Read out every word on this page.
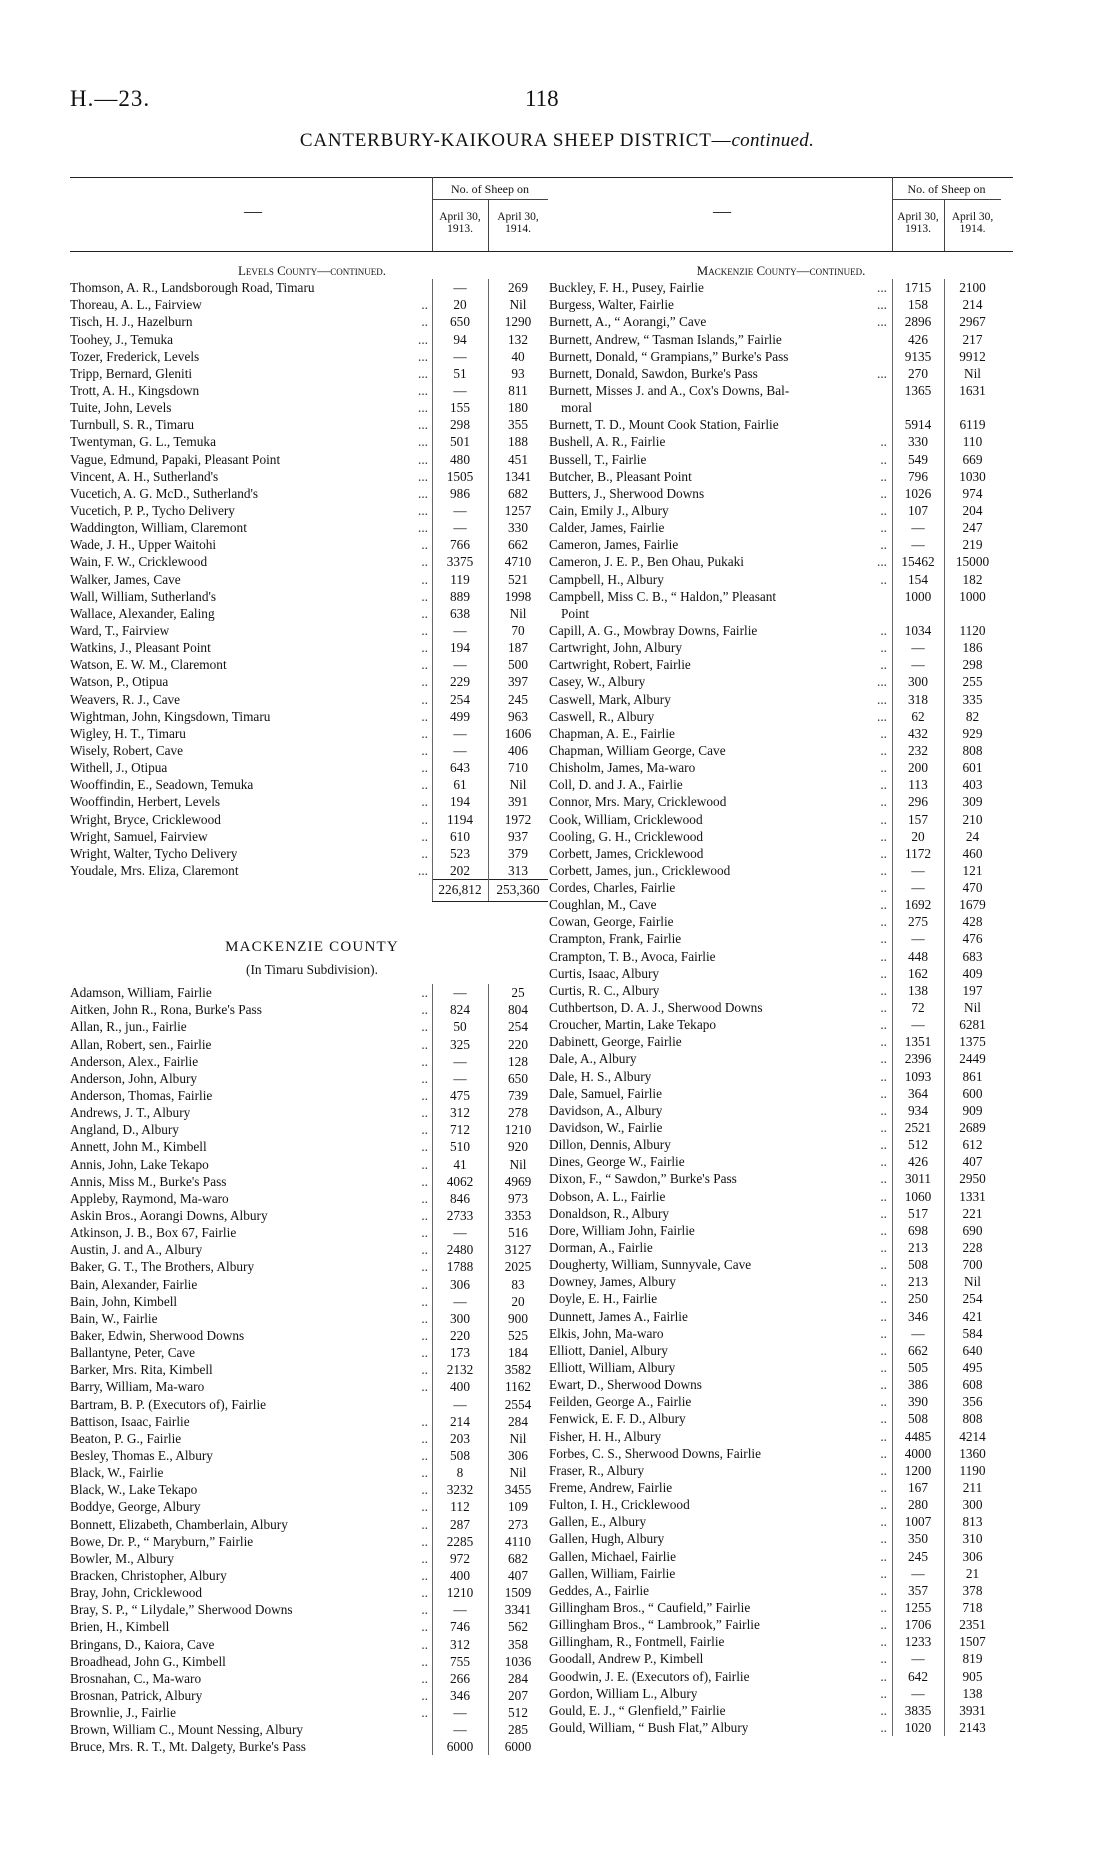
H.—23.	118
CANTERBURY-KAIKOURA SHEEP DISTRICT—continued.
—
No. of Sheep on
April 30, 1913.
April 30, 1914.
Levels County—continued.
Thomson, A. R., Landsborough Road, Timaru	—	269
Thoreau, A. L., Fairview	..	20	Nil
Tisch, H. J., Hazelburn	..	650	1290
Toohey, J., Temuka	...	94	132
Tozer, Frederick, Levels	...	—	40
Tripp, Bernard, Gleniti	...	51	93
Trott, A. H., Kingsdown	...	—	811
Tuite, John, Levels	...	155	180
Turnbull, S. R., Timaru	...	298	355
Twentyman, G. L., Temuka	...	501	188
Vague, Edmund, Papaki, Pleasant Point	...	480	451
Vincent, A. H., Sutherland's	...	1505	1341
Vucetich, A. G. McD., Sutherland's	...	986	682
Vucetich, P. P., Tycho Delivery	...	—	1257
Waddington, William, Claremont	...	—	330
Wade, J. H., Upper Waitohi	..	766	662
Wain, F. W., Cricklewood	..	3375	4710
Walker, James, Cave	..	119	521
Wall, William, Sutherland's	..	889	1998
Wallace, Alexander, Ealing	..	638	Nil
Ward, T., Fairview	..	—	70
Watkins, J., Pleasant Point	..	194	187
Watson, E. W. M., Claremont	..	—	500
Watson, P., Otipua	..	229	397
Weavers, R. J., Cave	..	254	245
Wightman, John, Kingsdown, Timaru	..	499	963
Wigley, H. T., Timaru	..	—	1606
Wisely, Robert, Cave	..	—	406
Withell, J., Otipua	..	643	710
Wooffindin, E., Seadown, Temuka	..	61	Nil
Wooffindin, Herbert, Levels	..	194	391
Wright, Bryce, Cricklewood	..	1194	1972
Wright, Samuel, Fairview	..	610	937
Wright, Walter, Tycho Delivery	..	523	379
Youdale, Mrs. Eliza, Claremont	...	202	313
226,812	253,360
MACKENZIE COUNTY
(In Timaru Subdivision).
Adamson, William, Fairlie	..	—	25
Aitken, John R., Rona, Burke's Pass	..	824	804
Allan, R., jun., Fairlie	..	50	254
Allan, Robert, sen., Fairlie	..	325	220
Anderson, Alex., Fairlie	..	—	128
Anderson, John, Albury	..	—	650
Anderson, Thomas, Fairlie	..	475	739
Andrews, J. T., Albury	..	312	278
Angland, D., Albury	..	712	1210
Annett, John M., Kimbell	..	510	920
Annis, John, Lake Tekapo	..	41	Nil
Annis, Miss M., Burke's Pass	..	4062	4969
Appleby, Raymond, Ma-waro	..	846	973
Askin Bros., Aorangi Downs, Albury	..	2733	3353
Atkinson, J. B., Box 67, Fairlie	..	—	516
Austin, J. and A., Albury	..	2480	3127
Baker, G. T., The Brothers, Albury	..	1788	2025
Bain, Alexander, Fairlie	..	306	83
Bain, John, Kimbell	..	—	20
Bain, W., Fairlie	..	300	900
Baker, Edwin, Sherwood Downs	..	220	525
Ballantyne, Peter, Cave	..	173	184
Barker, Mrs. Rita, Kimbell	..	2132	3582
Barry, William, Ma-waro	..	400	1162
Bartram, B. P. (Executors of), Fairlie	—	2554
Battison, Isaac, Fairlie	..	214	284
Beaton, P. G., Fairlie	..	203	Nil
Besley, Thomas E., Albury	..	508	306
Black, W., Fairlie	..	8	Nil
Black, W., Lake Tekapo	..	3232	3455
Boddye, George, Albury	..	112	109
Bonnett, Elizabeth, Chamberlain, Albury	..	287	273
Bowe, Dr. P., “ Maryburn,” Fairlie	..	2285	4110
Bowler, M., Albury	..	972	682
Bracken, Christopher, Albury	..	400	407
Bray, John, Cricklewood	..	1210	1509
Bray, S. P., “ Lilydale,” Sherwood Downs	..	—	3341
Brien, H., Kimbell	..	746	562
Bringans, D., Kaiora, Cave	..	312	358
Broadhead, John G., Kimbell	..	755	1036
Brosnahan, C., Ma-waro	..	266	284
Brosnan, Patrick, Albury	..	346	207
Brownlie, J., Fairlie	..	—	512
Brown, William C., Mount Nessing, Albury	—	285
Bruce, Mrs. R. T., Mt. Dalgety, Burke's Pass	6000	6000
—
No. of Sheep on
April 30, 1913.
April 30, 1914.
Mackenzie County—continued.
Buckley, F. H., Pusey, Fairlie	...	1715	2100
Burgess, Walter, Fairlie	...	158	214
Burnett, A., “ Aorangi,” Cave	...	2896	2967
Burnett, Andrew, “ Tasman Islands,” Fairlie	426	217
Burnett, Donald, “ Grampians,” Burke's Pass	9135	9912
Burnett, Donald, Sawdon, Burke's Pass	...	270	Nil
Burnett, Misses J. and A., Cox's Downs, Bal-	1365	1631
moral
Burnett, T. D., Mount Cook Station, Fairlie	5914	6119
Bushell, A. R., Fairlie	..	330	110
Bussell, T., Fairlie	..	549	669
Butcher, B., Pleasant Point	..	796	1030
Butters, J., Sherwood Downs	..	1026	974
Cain, Emily J., Albury	..	107	204
Calder, James, Fairlie	..	—	247
Cameron, James, Fairlie	..	—	219
Cameron, J. E. P., Ben Ohau, Pukaki	...	15462	15000
Campbell, H., Albury	..	154	182
Campbell, Miss C. B., “ Haldon,” Pleasant	1000	1000
Point
Capill, A. G., Mowbray Downs, Fairlie	..	1034	1120
Cartwright, John, Albury	..	—	186
Cartwright, Robert, Fairlie	..	—	298
Casey, W., Albury	...	300	255
Caswell, Mark, Albury	...	318	335
Caswell, R., Albury	...	62	82
Chapman, A. E., Fairlie	..	432	929
Chapman, William George, Cave	..	232	808
Chisholm, James, Ma-waro	..	200	601
Coll, D. and J. A., Fairlie	..	113	403
Connor, Mrs. Mary, Cricklewood	..	296	309
Cook, William, Cricklewood	..	157	210
Cooling, G. H., Cricklewood	..	20	24
Corbett, James, Cricklewood	..	1172	460
Corbett, James, jun., Cricklewood	..	—	121
Cordes, Charles, Fairlie	..	—	470
Coughlan, M., Cave	..	1692	1679
Cowan, George, Fairlie	..	275	428
Crampton, Frank, Fairlie	..	—	476
Crampton, T. B., Avoca, Fairlie	..	448	683
Curtis, Isaac, Albury	..	162	409
Curtis, R. C., Albury	..	138	197
Cuthbertson, D. A. J., Sherwood Downs	..	72	Nil
Croucher, Martin, Lake Tekapo	..	—	6281
Dabinett, George, Fairlie	..	1351	1375
Dale, A., Albury	..	2396	2449
Dale, H. S., Albury	..	1093	861
Dale, Samuel, Fairlie	..	364	600
Davidson, A., Albury	..	934	909
Davidson, W., Fairlie	..	2521	2689
Dillon, Dennis, Albury	..	512	612
Dines, George W., Fairlie	..	426	407
Dixon, F., “ Sawdon,” Burke's Pass	..	3011	2950
Dobson, A. L., Fairlie	..	1060	1331
Donaldson, R., Albury	..	517	221
Dore, William John, Fairlie	..	698	690
Dorman, A., Fairlie	..	213	228
Dougherty, William, Sunnyvale, Cave	..	508	700
Downey, James, Albury	..	213	Nil
Doyle, E. H., Fairlie	..	250	254
Dunnett, James A., Fairlie	..	346	421
Elkis, John, Ma-waro	..	—	584
Elliott, Daniel, Albury	..	662	640
Elliott, William, Albury	..	505	495
Ewart, D., Sherwood Downs	..	386	608
Feilden, George A., Fairlie	..	390	356
Fenwick, E. F. D., Albury	..	508	808
Fisher, H. H., Albury	..	4485	4214
Forbes, C. S., Sherwood Downs, Fairlie	..	4000	1360
Fraser, R., Albury	..	1200	1190
Freme, Andrew, Fairlie	..	167	211
Fulton, I. H., Cricklewood	..	280	300
Gallen, E., Albury	..	1007	813
Gallen, Hugh, Albury	..	350	310
Gallen, Michael, Fairlie	..	245	306
Gallen, William, Fairlie	..	—	21
Geddes, A., Fairlie	..	357	378
Gillingham Bros., “ Caufield,” Fairlie	..	1255	718
Gillingham Bros., “ Lambrook,” Fairlie	..	1706	2351
Gillingham, R., Fontmell, Fairlie	..	1233	1507
Goodall, Andrew P., Kimbell	..	—	819
Goodwin, J. E. (Executors of), Fairlie	..	642	905
Gordon, William L., Albury	..	—	138
Gould, E. J., “ Glenfield,” Fairlie	..	3835	3931
Gould, William, “ Bush Flat,” Albury	..	1020	2143
